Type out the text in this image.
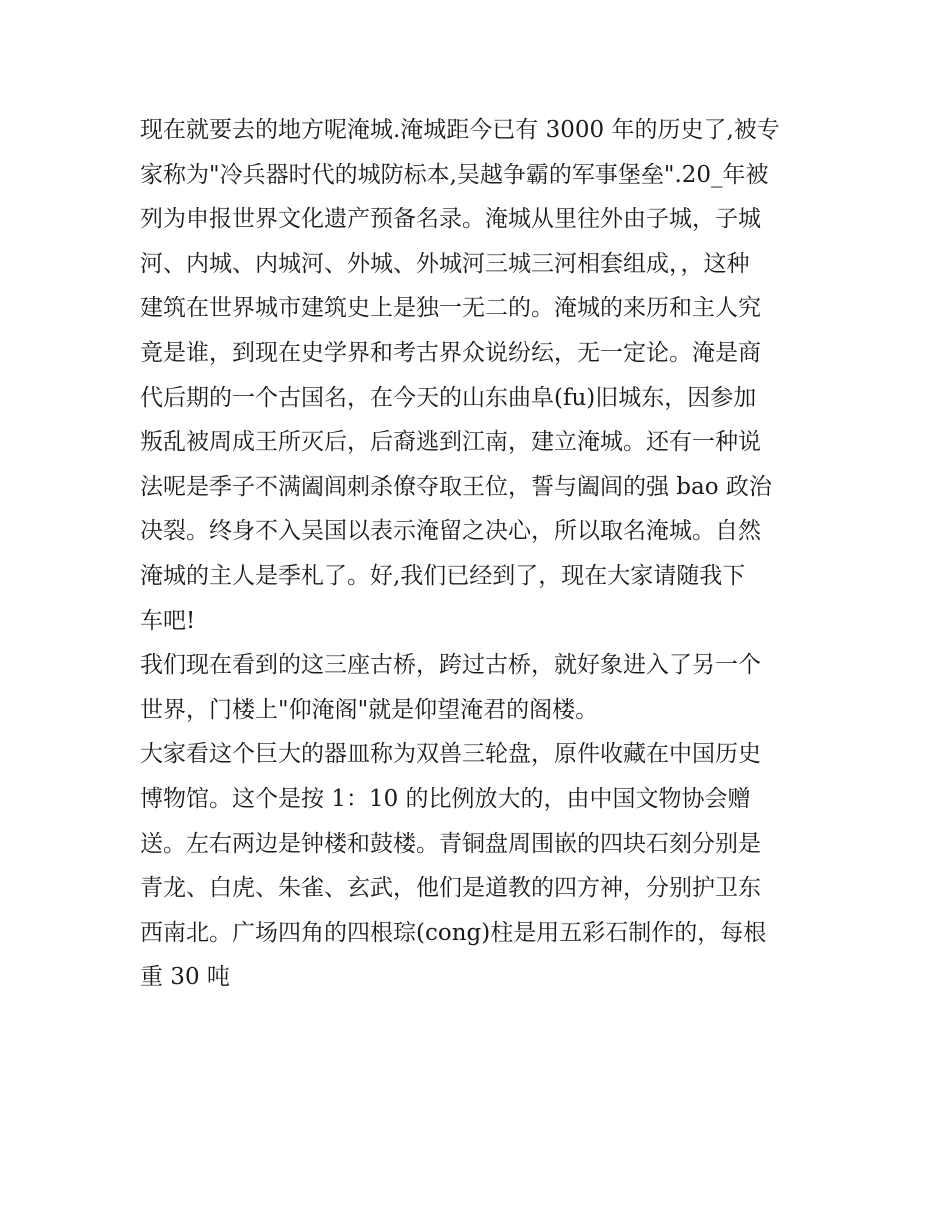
现在就要去的地方呢淹城.淹城距今已有 3000 年的历史了,被专
家称为"冷兵器时代的城防标本,吴越争霸的军事堡垒".20_年被
列为申报世界文化遗产预备名录。淹城从里往外由子城，子城
河、内城、内城河、外城、外城河三城三河相套组成，，这种
建筑在世界城市建筑史上是独一无二的。淹城的来历和主人究
竟是谁，到现在史学界和考古界众说纷纭，无一定论。淹是商
代后期的一个古国名，在今天的山东曲阜(fu)旧城东，因参加
叛乱被周成王所灭后，后裔逃到江南，建立淹城。还有一种说
法呢是季子不满阖闾刺杀僚夺取王位，誓与阖闾的强 bao 政治
决裂。终身不入吴国以表示淹留之决心，所以取名淹城。自然
淹城的主人是季札了。好,我们已经到了，现在大家请随我下
车吧!
我们现在看到的这三座古桥，跨过古桥，就好象进入了另一个
世界，门楼上"仰淹阁"就是仰望淹君的阁楼。
大家看这个巨大的器皿称为双兽三轮盘，原件收藏在中国历史
博物馆。这个是按 1：10 的比例放大的，由中国文物协会赠
送。左右两边是钟楼和鼓楼。青铜盘周围嵌的四块石刻分别是
青龙、白虎、朱雀、玄武，他们是道教的四方神，分别护卫东
西南北。广场四角的四根琮(cong)柱是用五彩石制作的，每根
重 30 吨
